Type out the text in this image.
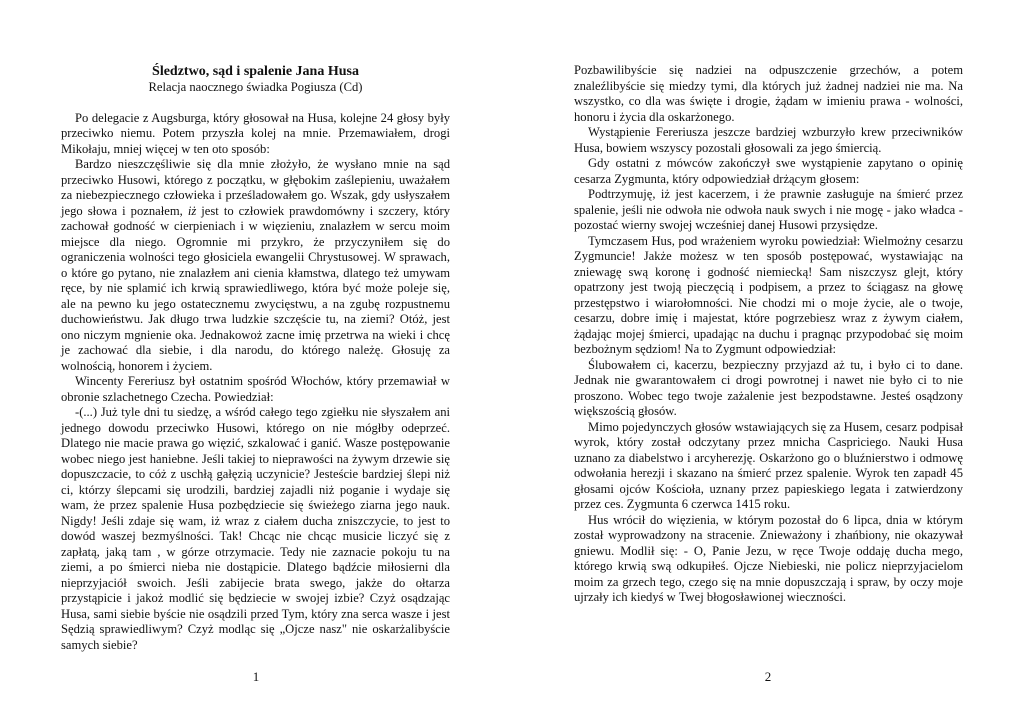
Śledztwo, sąd i spalenie Jana Husa
Relacja naocznego świadka Pogiusza (Cd)

Po delegacie z Augsburga, który głosował na Husa, kolejne 24 głosy były przeciwko niemu. Potem przyszła kolej na mnie. Przemawiałem, drogi Mikołaju, mniej więcej w ten oto sposób:

Bardzo nieszczęśliwie się dla mnie złożyło, że wysłano mnie na sąd przeciwko Husowi, którego z początku, w głębokim zaślepieniu, uważałem za niebezpiecznego człowieka i prześladowałem go. Wszak, gdy usłyszałem jego słowa i poznałem, iż jest to człowiek prawdomówny i szczery, który zachował godność w cierpieniach i w więzieniu, znalazłem w sercu moim miejsce dla niego. Ogromnie mi przykro, że przyczyniłem się do ograniczenia wolności tego głosiciela ewangelii Chrystusowej. W sprawach, o które go pytano, nie znalazłem ani cienia kłamstwa, dlatego też umywam ręce, by nie splamić ich krwią sprawiedliwego, która być może poleje się, ale na pewno ku jego ostatecznemu zwycięstwu, a na zgubę rozpustnemu duchowieństwu. Jak długo trwa ludzkie szczęście tu, na ziemi? Otóż, jest ono niczym mgnienie oka. Jednakowoż zacne imię przetrwa na wieki i chcę je zachować dla siebie, i dla narodu, do którego należę. Głosuję za wolnością, honorem i życiem.

Wincenty Fereriusz był ostatnim spośród Włochów, który przemawiał w obronie szlachetnego Czecha. Powiedział:

-(...) Już tyle dni tu siedzę, a wśród całego tego zgiełku nie słyszałem ani jednego dowodu przeciwko Husowi, którego on nie mógłby odeprzeć. Dlatego nie macie prawa go więzić, szkalować i ganić. Wasze postępowanie wobec niego jest haniebne. Jeśli takiej to nieprawości na żywym drzewie się dopuszczacie, to cóż z uschłą gałęzią uczynicie? Jesteście bardziej ślepi niż ci, którzy ślepcami się urodzili, bardziej zajadli niż poganie i wydaje się wam, że przez spalenie Husa pozbędziecie się świeżego ziarna jego nauk. Nigdy! Jeśli zdaje się wam, iż wraz z ciałem ducha zniszczycie, to jest to dowód waszej bezmyślności. Tak! Chcąc nie chcąc musicie liczyć się z zapłatą, jaką tam , w górze otrzymacie. Tedy nie zaznacie pokoju tu na ziemi, a po śmierci nieba nie dostąpicie. Dlatego bądźcie miłosierni dla nieprzyjaciół swoich. Jeśli zabijecie brata swego, jakże do ołtarza przystąpicie i jakoż modlić się będziecie w swojej izbie? Czyż osądzając Husa, sami siebie byście nie osądzili przed Tym, który zna serca wasze i jest Sędzią sprawiedliwym? Czyż modląc się „Ojcze nasz" nie oskarżalibyście samych siebie?

1

Pozbawilibyście się nadziei na odpuszczenie grzechów, a potem znaleźlibyście się miedzy tymi, dla których już żadnej nadziei nie ma. Na wszystko, co dla was święte i drogie, żądam w imieniu prawa - wolności, honoru i życia dla oskarżonego.

Wystąpienie Fereriusza jeszcze bardziej wzburzyło krew przeciwników Husa, bowiem wszyscy pozostali głosowali za jego śmiercią.

Gdy ostatni z mówców zakończył swe wystąpienie zapytano o opinię cesarza Zygmunta, który odpowiedział drżącym głosem:

Podtrzymuję, iż jest kacerzem, i że prawnie zasługuje na śmierć przez spalenie, jeśli nie odwoła nie odwoła nauk swych i nie mogę - jako władca - pozostać wierny swojej wcześniej danej Husowi przysiędze.

Tymczasem Hus, pod wrażeniem wyroku powiedział: Wielmożny cesarzu Zygmuncie! Jakże możesz w ten sposób postępować, wystawiając na zniewagę swą koronę i godność niemiecką! Sam niszczysz glejt, który opatrzony jest twoją pieczęcią i podpisem, a przez to ściągasz na głowę przestępstwo i wiarołomności. Nie chodzi mi o moje życie, ale o twoje, cesarzu, dobre imię i majestat, które pogrzebiesz wraz z żywym ciałem, żądając mojej śmierci, upadając na duchu i pragnąc przypodobać się moim bezbożnym sędziom! Na to Zygmunt odpowiedział:

Ślubowałem ci, kacerzu, bezpieczny przyjazd aż tu, i było ci to dane. Jednak nie gwarantowałem ci drogi powrotnej i nawet nie było ci to nie proszono. Wobec tego twoje zażalenie jest bezpodstawne. Jesteś osądzony większością głosów.

Mimo pojedynczych głosów wstawiających się za Husem, cesarz podpisał wyrok, który został odczytany przez mnicha Caspriciego. Nauki Husa uznano za diabelstwo i arcyherezję. Oskarżono go o bluźnierstwo i odmowę odwołania herezji i skazano na śmierć przez spalenie. Wyrok ten zapadł 45 głosami ojców Kościoła, uznany przez papieskiego legata i zatwierdzony przez ces. Zygmunta 6 czerwca 1415 roku.

Hus wrócił do więzienia, w którym pozostał do 6 lipca, dnia w którym został wyprowadzony na stracenie. Znieważony i zhańbiony, nie okazywał gniewu. Modlił się: - O, Panie Jezu, w ręce Twoje oddaję ducha mego, którego krwią swą odkupiłeś. Ojcze Niebieski, nie policz nieprzyjacielom moim za grzech tego, czego się na mnie dopuszczają i spraw, by oczy moje ujrzały ich kiedyś w Twej błogosławionej wieczności.

2
